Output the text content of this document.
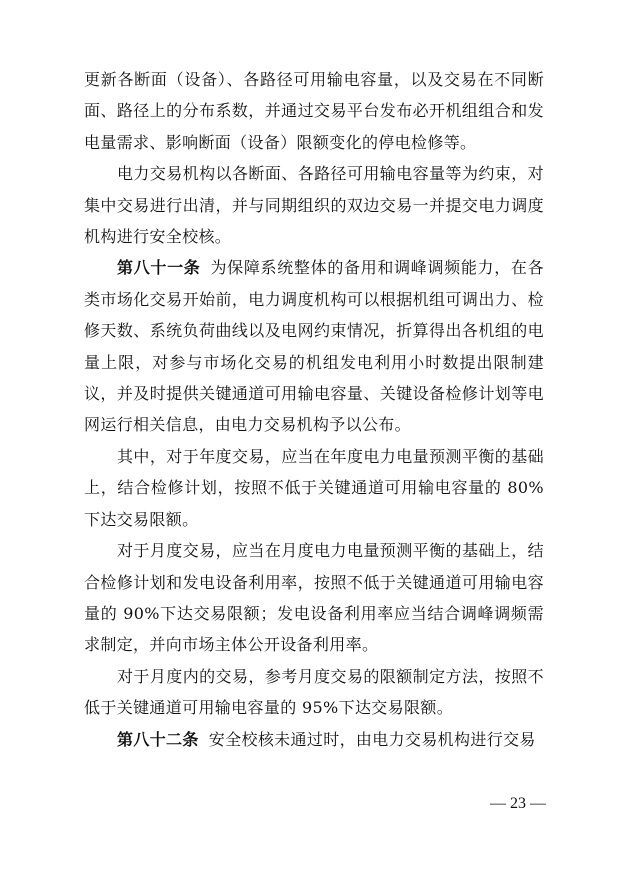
更新各断面（设备）、各路径可用输电容量，以及交易在不同断面、路径上的分布系数，并通过交易平台发布必开机组组合和发电量需求、影响断面（设备）限额变化的停电检修等。

电力交易机构以各断面、各路径可用输电容量等为约束，对集中交易进行出清，并与同期组织的双边交易一并提交电力调度机构进行安全校核。

第八十一条 为保障系统整体的备用和调峰调频能力，在各类市场化交易开始前，电力调度机构可以根据机组可调出力、检修天数、系统负荷曲线以及电网约束情况，折算得出各机组的电量上限，对参与市场化交易的机组发电利用小时数提出限制建议，并及时提供关键通道可用输电容量、关键设备检修计划等电网运行相关信息，由电力交易机构予以公布。

其中，对于年度交易，应当在年度电力电量预测平衡的基础上，结合检修计划，按照不低于关键通道可用输电容量的 80%下达交易限额。

对于月度交易，应当在月度电力电量预测平衡的基础上，结合检修计划和发电设备利用率，按照不低于关键通道可用输电容量的 90%下达交易限额；发电设备利用率应当结合调峰调频需求制定，并向市场主体公开设备利用率。

对于月度内的交易，参考月度交易的限额制定方法，按照不低于关键通道可用输电容量的 95%下达交易限额。

第八十二条 安全校核未通过时，由电力交易机构进行交易

— 23 —
